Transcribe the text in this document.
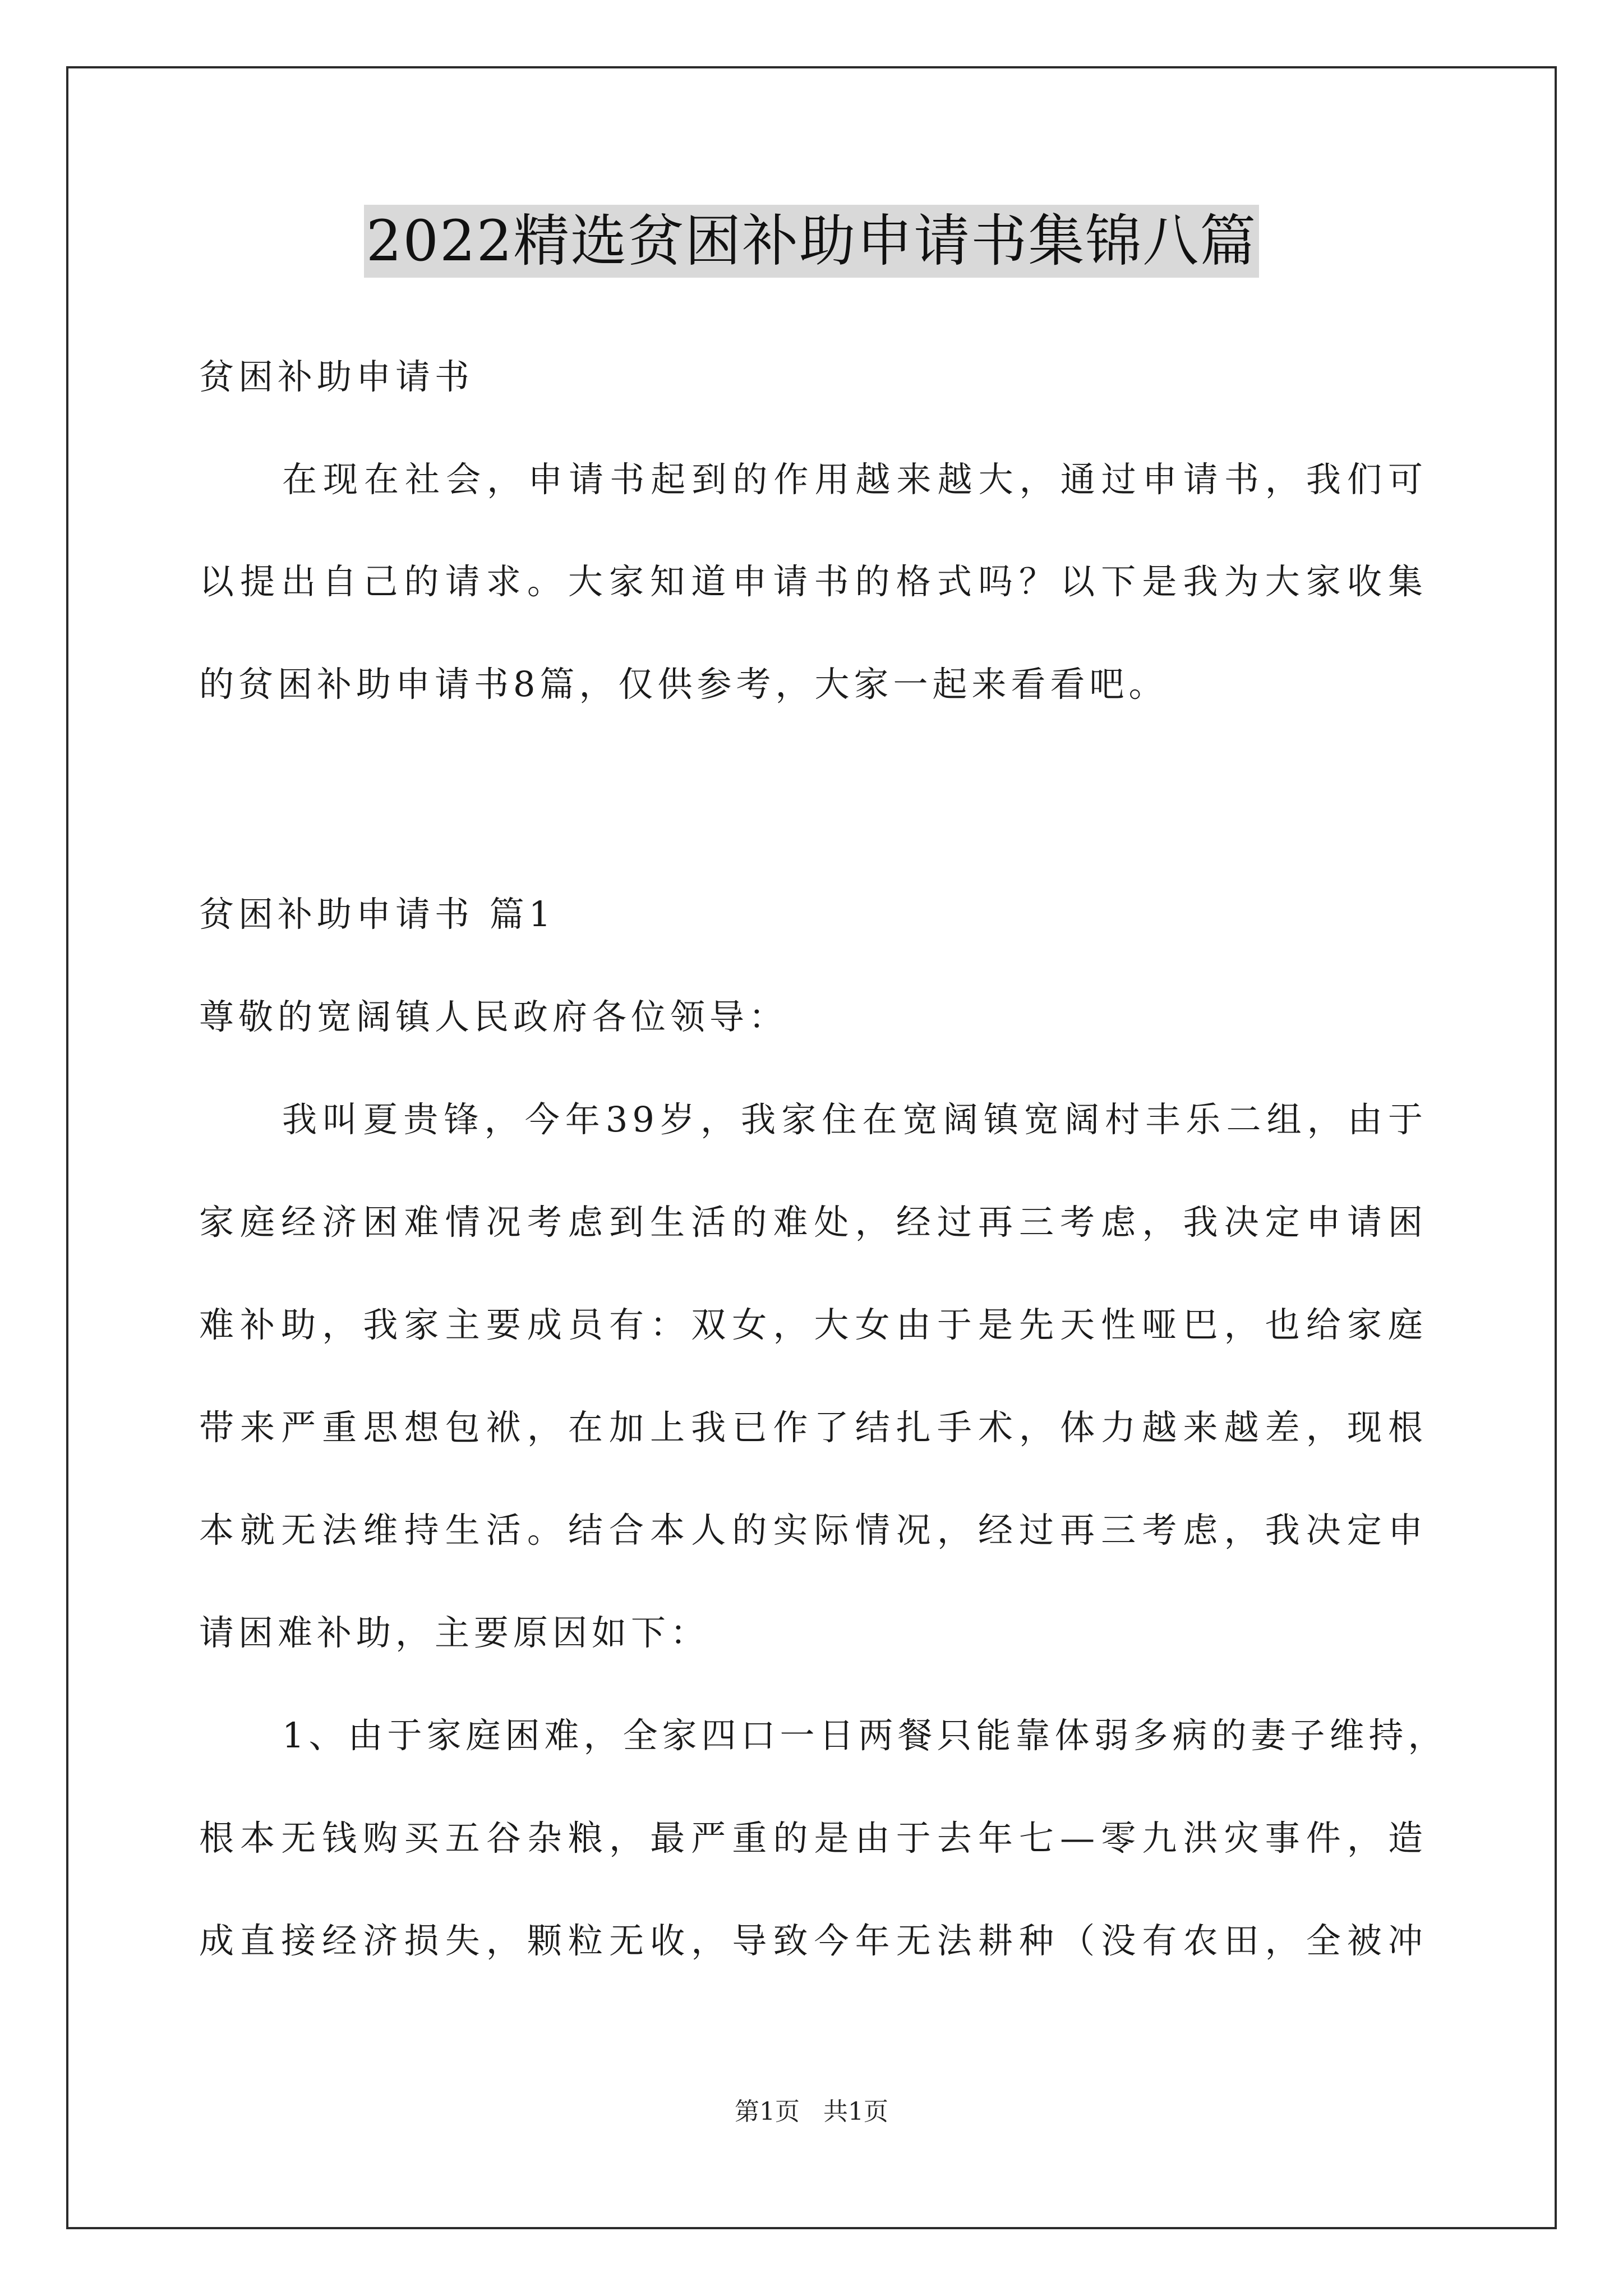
2022精选贫困补助申请书集锦八篇
贫困补助申请书
在现在社会，申请书起到的作用越来越大，通过申请书，我们可
以提出自己的请求。大家知道申请书的格式吗？以下是我为大家收集
的贫困补助申请书8篇，仅供参考，大家一起来看看吧。
贫困补助申请书 篇1
尊敬的宽阔镇人民政府各位领导：
我叫夏贵锋，今年39岁，我家住在宽阔镇宽阔村丰乐二组，由于
家庭经济困难情况考虑到生活的难处，经过再三考虑，我决定申请困
难补助，我家主要成员有：双女，大女由于是先天性哑巴，也给家庭
带来严重思想包袱，在加上我已作了结扎手术，体力越来越差，现根
本就无法维持生活。结合本人的实际情况，经过再三考虑，我决定申
请困难补助，主要原因如下：
1、由于家庭困难，全家四口一日两餐只能靠体弱多病的妻子维持，
根本无钱购买五谷杂粮，最严重的是由于去年七—零九洪灾事件，造
成直接经济损失，颗粒无收，导致今年无法耕种（没有农田，全被冲
第1页 共1页
